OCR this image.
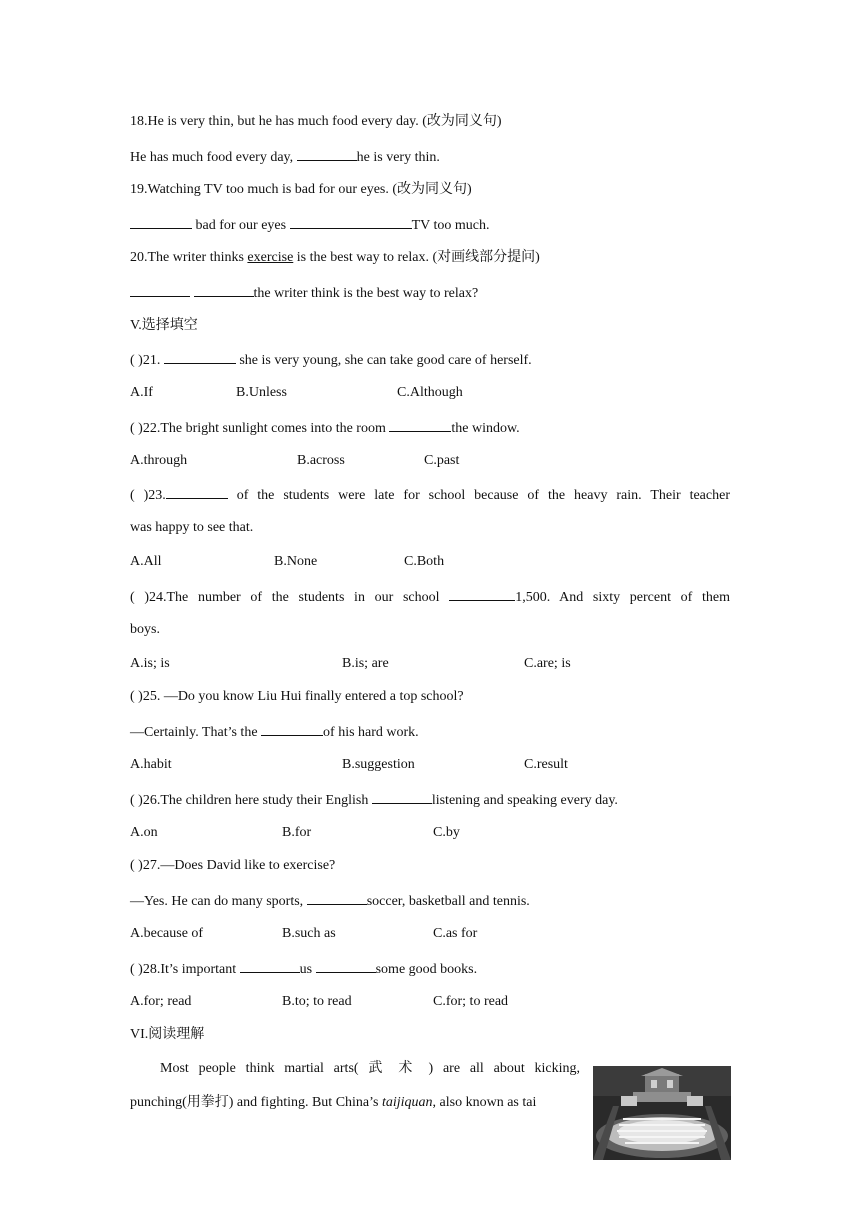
18.He is very thin, but he has much food every day. (改为同义句)
He has much food every day,	he is very thin.
19.Watching TV too much is bad for our eyes. (改为同义句)
bad for our eyes	TV too much.
20.The writer thinks exercise is the best way to relax. (对画线部分提问)
the writer think is the best way to relax?
V.选择填空
( )21.	she is very young, she can take good care of herself.
A.If	B.Unless	C.Although
( )22.The bright sunlight comes into the room	the window.
A.through	B.across	C.past
( )23.	of the students were late for school because of the heavy rain. Their teacher
was happy to see that.
A.All	B.None	C.Both
( )24.The number of the students in our school	1,500. And sixty percent of them
boys.
A.is; is	B.is; are	C.are; is
( )25. —Do you know Liu Hui finally entered a top school?
—Certainly. That’s the	of his hard work.
A.habit	B.suggestion	C.result
( )26.The children here study their English	listening and speaking every day.
A.on	B.for	C.by
( )27.—Does David like to exercise?
—Yes. He can do many sports,	soccer, basketball and tennis.
A.because of	B.such as	C.as for
( )28.It’s important	us	some good books.
A.for; read	B.to; to read	C.for; to read
VI.阅读理解
Most people think martial arts( 武 术 ) are all about kicking,
punching(用拳打) and fighting. But China’s taijiquan, also known as tai
